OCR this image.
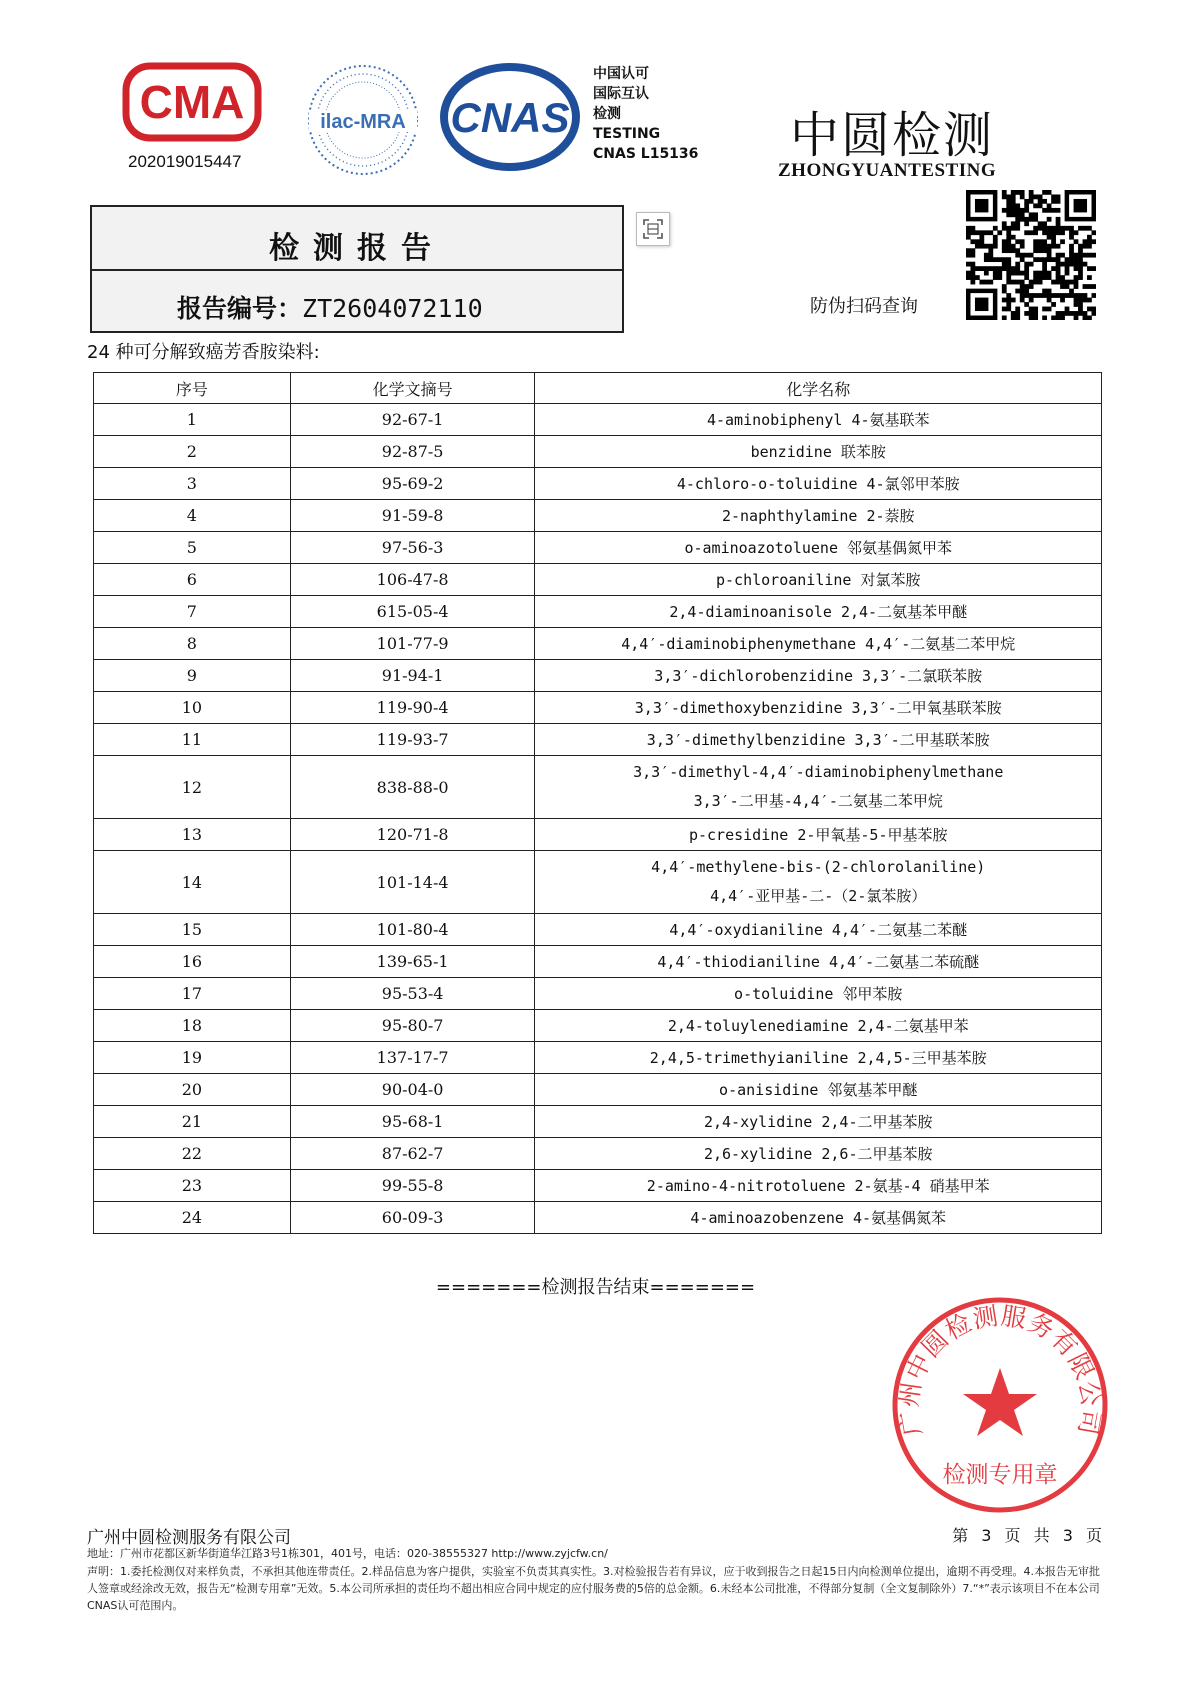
CMA
202019015447
ilac-MRA CNAS
中国认可
国际互认
检测
TESTING
CNAS L15136 中圆检测
ZHONGYUANTESTING
检测报告
报告编号：ZT2604072110	防伪扫码查询
24 种可分解致癌芳香胺染料:
序号	化学文摘号	化学名称
1	92-67-1	4-aminobiphenyl 4-氨基联苯

2	92-87-5	benzidine 联苯胺

3	95-69-2	4-chloro-o-toluidine 4-氯邻甲苯胺

4	91-59-8	2-naphthylamine 2-萘胺

5	97-56-3	o-aminoazotoluene 邻氨基偶氮甲苯

6	106-47-8	p-chloroaniline 对氯苯胺

7	615-05-4	2,4-diaminoanisole 2,4-二氨基苯甲醚

8	101-77-9	4,4′-diaminobiphenymethane 4,4′-二氨基二苯甲烷

9	91-94-1	3,3′-dichlorobenzidine 3,3′-二氯联苯胺

10	119-90-4	3,3′-dimethoxybenzidine 3,3′-二甲氧基联苯胺

11	119-93-7	3,3′-dimethylbenzidine 3,3′-二甲基联苯胺

12	838-88-0	3,3′-dimethyl-4,4′-diaminobiphenylmethane
3,3′-二甲基-4,4′-二氨基二苯甲烷

13	120-71-8	p-cresidine 2-甲氧基-5-甲基苯胺

14	101-14-4	4,4′-methylene-bis-(2-chlorolaniline)
4,4′-亚甲基-二-（2-氯苯胺）

15	101-80-4	4,4′-oxydianiline 4,4′-二氨基二苯醚

16	139-65-1	4,4′-thiodianiline 4,4′-二氨基二苯硫醚

17	95-53-4	o-toluidine 邻甲苯胺

18	95-80-7	2,4-toluylenediamine 2,4-二氨基甲苯

19	137-17-7	2,4,5-trimethyianiline 2,4,5-三甲基苯胺

20	90-04-0	o-anisidine 邻氨基苯甲醚

21	95-68-1	2,4-xylidine 2,4-二甲基苯胺

22	87-62-7	2,6-xylidine 2,6-二甲基苯胺

23	99-55-8	2-amino-4-nitrotoluene 2-氨基-4 硝基甲苯

24	60-09-3	4-aminoazobenzene 4-氨基偶氮苯
=======检测报告结束=======
广州中圆检测服务有限公司
检测专用章
广州中圆检测服务有限公司	第 3 页 共 3 页
地址：广州市花都区新华街道华江路3号1栋301，401号，电话：020-38555327 http://www.zyjcfw.cn/
声明：1.委托检测仅对来样负责，不承担其他连带责任。2.样品信息为客户提供，实验室不负责其真实性。3.对检验报告若有异议，应于收到报告之日起15日内向检测单位提出，逾期不再受理。4.本报告无审批人签章或经涂改无效，报告无“检测专用章”无效。5.本公司所承担的责任均不超出相应合同中规定的应付服务费的5倍的总金额。6.未经本公司批准，不得部分复制（全文复制除外）7.“*”表示该项目不在本公司CNAS认可范围内。
